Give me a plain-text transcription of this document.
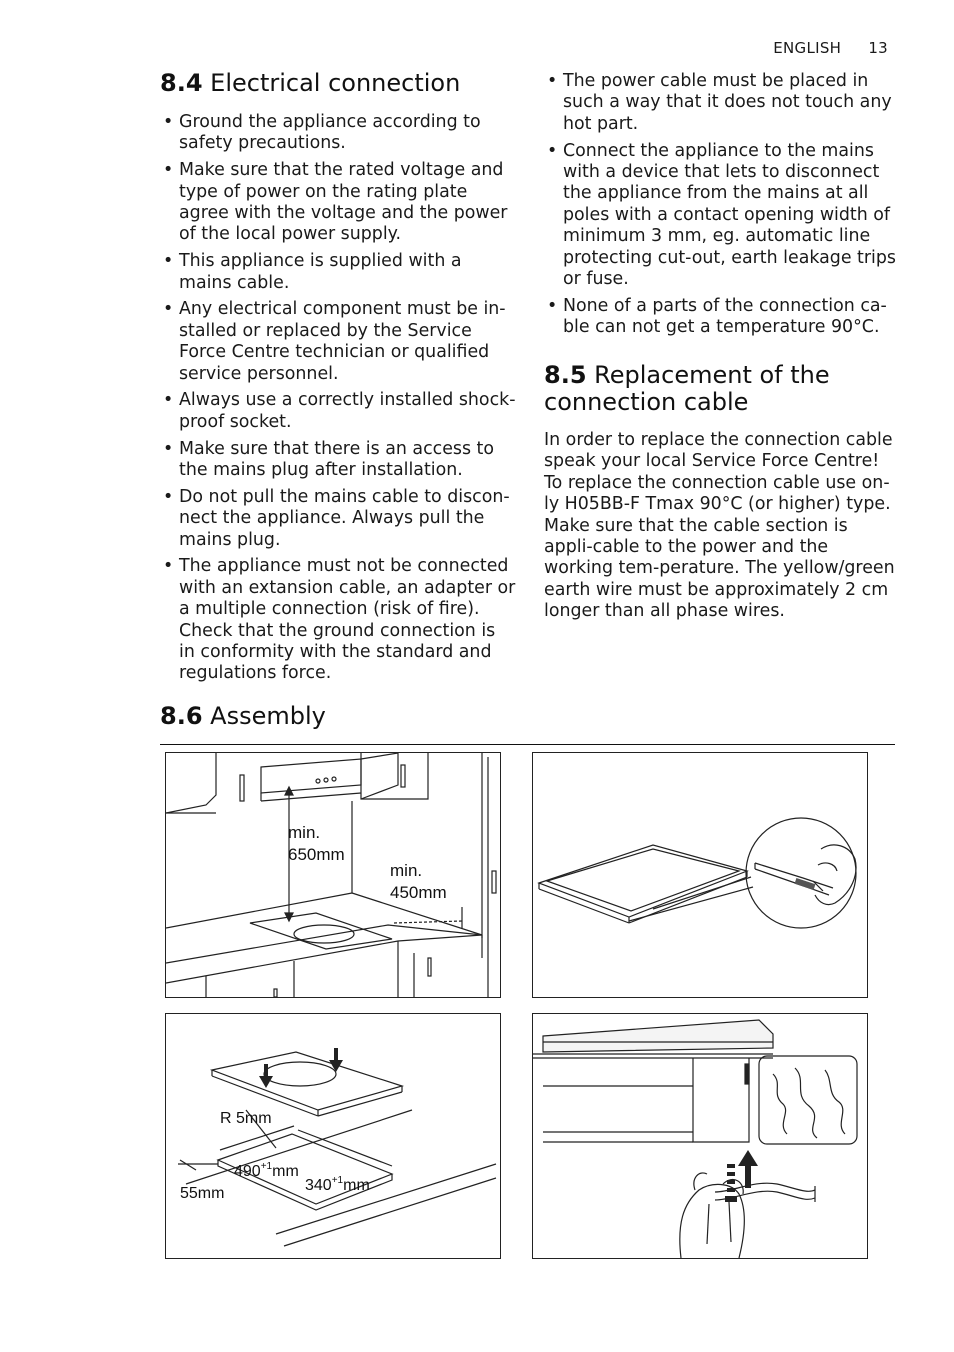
ENGLISH 13
8.4 Electrical connection
• Ground the appliance according to safety precautions.
• Make sure that the rated voltage and type of power on the rating plate agree with the voltage and the power of the local power supply.
• This appliance is supplied with a mains cable.
• Any electrical component must be in-stalled or replaced by the Service Force Centre technician or qualified service personnel.
• Always use a correctly installed shock-proof socket.
• Make sure that there is an access to the mains plug after installation.
• Do not pull the mains cable to discon-nect the appliance. Always pull the mains plug.
• The appliance must not be connected with an extansion cable, an adapter or a multiple connection (risk of fire). Check that the ground connection is in conformity with the standard and regulations force.
• The power cable must be placed in such a way that it does not touch any hot part.
• Connect the appliance to the mains with a device that lets to disconnect the appliance from the mains at all poles with a contact opening width of minimum 3 mm, eg. automatic line protecting cut-out, earth leakage trips or fuse.
• None of a parts of the connection ca-ble can not get a temperature 90°C.
8.5 Replacement of the connection cable

In order to replace the connection cable speak your local Service Force Centre! To replace the connection cable use on-ly H05BB-F Tmax 90°C (or higher) type. Make sure that the cable section is appli-cable to the power and the working tem-perature. The yellow/green earth wire must be approximately 2 cm longer than all phase wires.

8.6 Assembly
min.
650mm
min.
450mm
R 5mm
$490^{+1}mm$
$340^{+1}mm$
55mm
